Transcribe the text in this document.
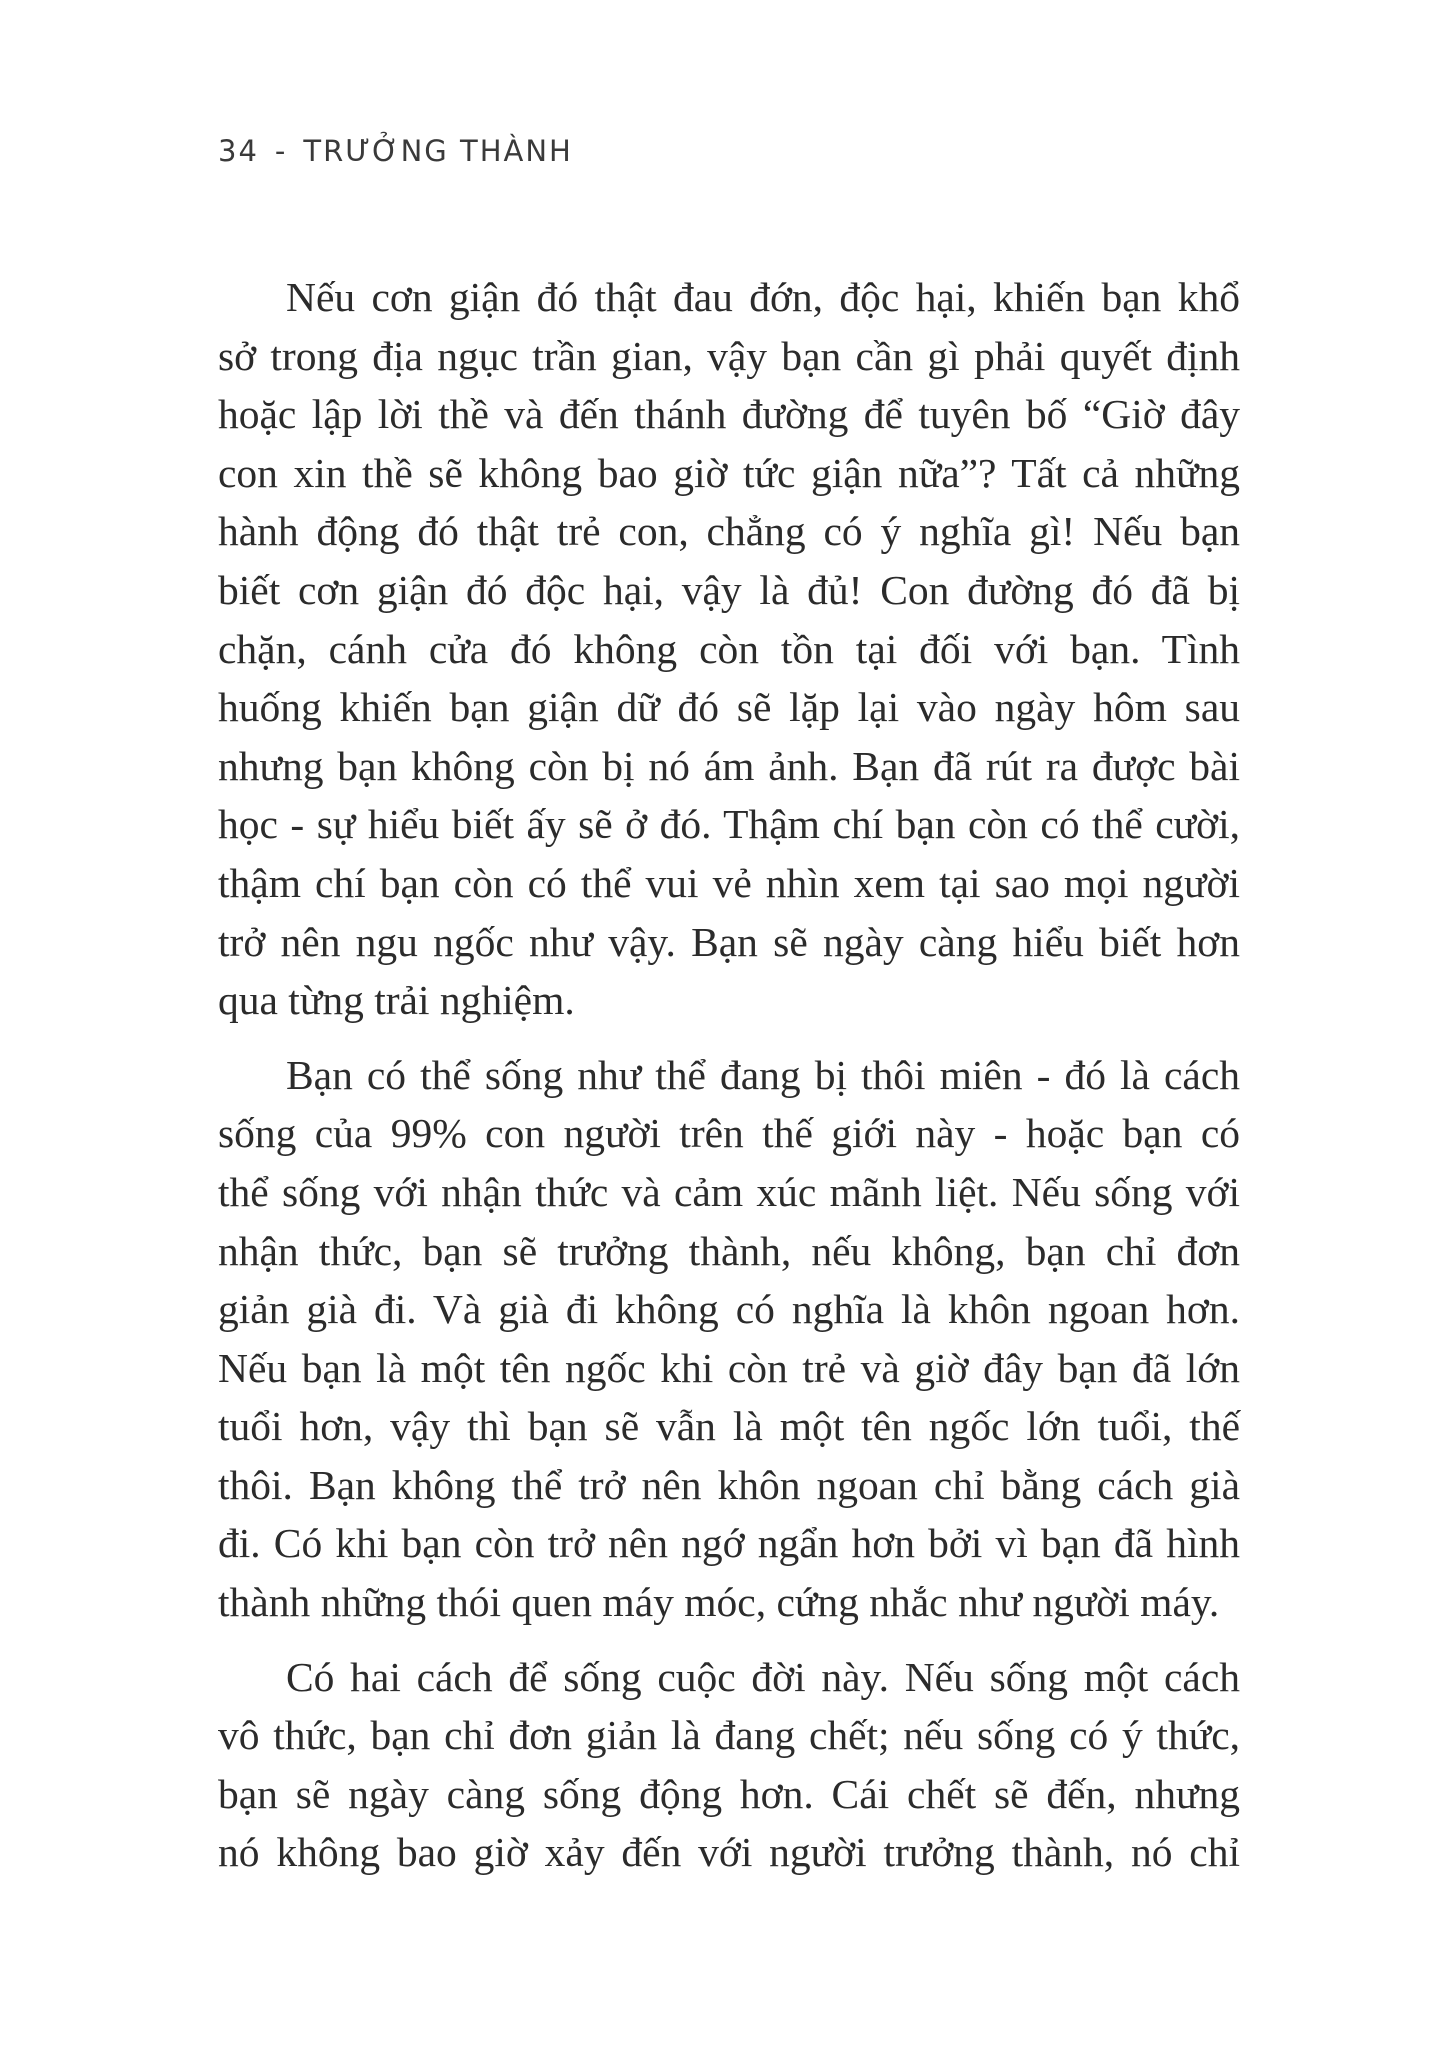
34 - TRƯỞNG THÀNH
Nếu cơn giận đó thật đau đớn, độc hại, khiến bạn khổ
sở trong địa ngục trần gian, vậy bạn cần gì phải quyết định
hoặc lập lời thề và đến thánh đường để tuyên bố “Giờ đây
con xin thề sẽ không bao giờ tức giận nữa”? Tất cả những
hành động đó thật trẻ con, chẳng có ý nghĩa gì! Nếu bạn
biết cơn giận đó độc hại, vậy là đủ! Con đường đó đã bị
chặn, cánh cửa đó không còn tồn tại đối với bạn. Tình
huống khiến bạn giận dữ đó sẽ lặp lại vào ngày hôm sau
nhưng bạn không còn bị nó ám ảnh. Bạn đã rút ra được bài
học - sự hiểu biết ấy sẽ ở đó. Thậm chí bạn còn có thể cười,
thậm chí bạn còn có thể vui vẻ nhìn xem tại sao mọi người
trở nên ngu ngốc như vậy. Bạn sẽ ngày càng hiểu biết hơn
qua từng trải nghiệm.
Bạn có thể sống như thể đang bị thôi miên - đó là cách
sống của 99% con người trên thế giới này - hoặc bạn có
thể sống với nhận thức và cảm xúc mãnh liệt. Nếu sống với
nhận thức, bạn sẽ trưởng thành, nếu không, bạn chỉ đơn
giản già đi. Và già đi không có nghĩa là khôn ngoan hơn.
Nếu bạn là một tên ngốc khi còn trẻ và giờ đây bạn đã lớn
tuổi hơn, vậy thì bạn sẽ vẫn là một tên ngốc lớn tuổi, thế
thôi. Bạn không thể trở nên khôn ngoan chỉ bằng cách già
đi. Có khi bạn còn trở nên ngớ ngẩn hơn bởi vì bạn đã hình
thành những thói quen máy móc, cứng nhắc như người máy.
Có hai cách để sống cuộc đời này. Nếu sống một cách
vô thức, bạn chỉ đơn giản là đang chết; nếu sống có ý thức,
bạn sẽ ngày càng sống động hơn. Cái chết sẽ đến, nhưng
nó không bao giờ xảy đến với người trưởng thành, nó chỉ
